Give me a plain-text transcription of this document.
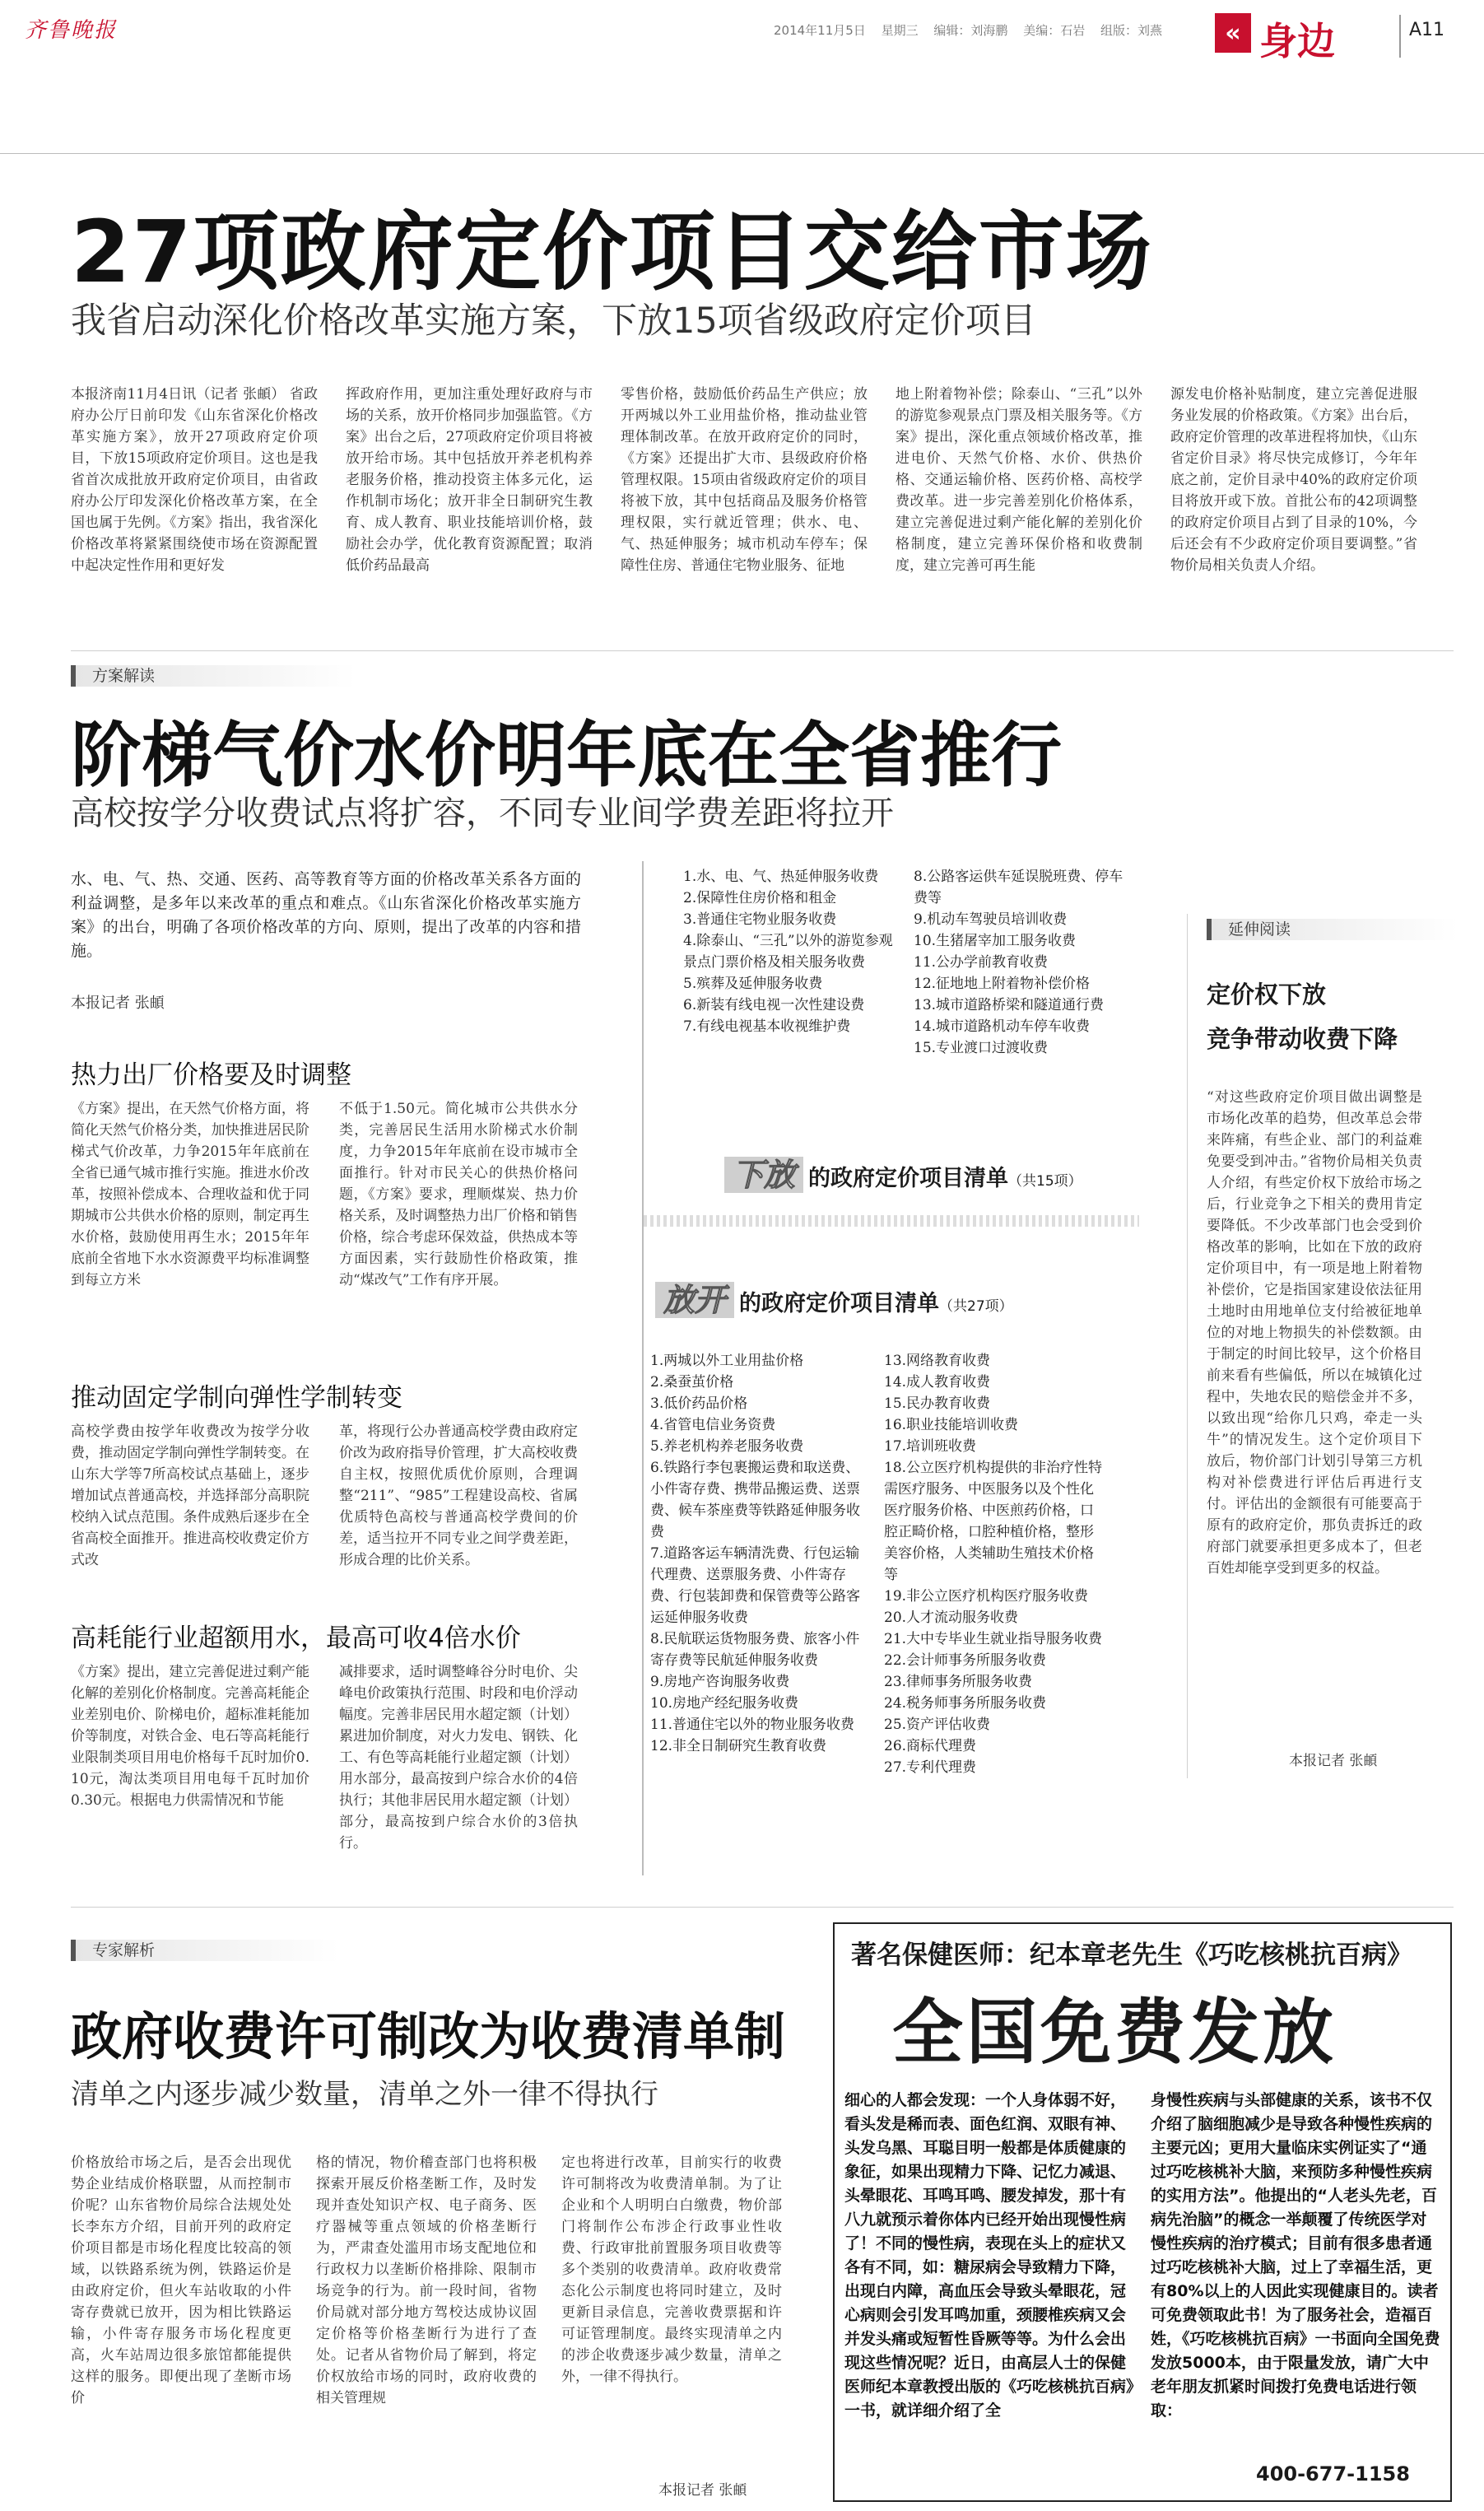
齐鲁晚报	2014年11月5日 星期三 编辑：刘海鹏 美编：石岩 组版：刘燕	« 身边	A11
27项政府定价项目交给市场
我省启动深化价格改革实施方案，下放15项省级政府定价项目
本报济南11月4日讯（记者 张頔） 省政府办公厅日前印发《山东省深化价格改革实施方案》，放开27项政府定价项目，下放15项政府定价项目。这也是我省首次成批放开政府定价项目，由省政府办公厅印发深化价格改革方案，在全国也属于先例。《方案》指出，我省深化价格改革将紧紧围绕使市场在资源配置中起决定性作用和更好发
挥政府作用，更加注重处理好政府与市场的关系，放开价格同步加强监管。《方案》出台之后，27项政府定价项目将被放开给市场。其中包括放开养老机构养老服务价格，推动投资主体多元化，运作机制市场化；放开非全日制研究生教育、成人教育、职业技能培训价格，鼓励社会办学，优化教育资源配置；取消低价药品最高
零售价格，鼓励低价药品生产供应；放开两城以外工业用盐价格，推动盐业管理体制改革。在放开政府定价的同时，《方案》还提出扩大市、县级政府价格管理权限。15项由省级政府定价的项目将被下放，其中包括商品及服务价格管理权限，实行就近管理；供水、电、气、热延伸服务；城市机动车停车；保障性住房、普通住宅物业服务、征地
地上附着物补偿；除泰山、“三孔”以外的游览参观景点门票及相关服务等。《方案》提出，深化重点领域价格改革，推进电价、天然气价格、水价、供热价格、交通运输价格、医药价格、高校学费改革。进一步完善差别化价格体系，建立完善促进过剩产能化解的差别化价格制度，建立完善环保价格和收费制度，建立完善可再生能
源发电价格补贴制度，建立完善促进服务业发展的价格政策。《方案》出台后，政府定价管理的改革进程将加快，《山东省定价目录》将尽快完成修订，今年年底之前，定价目录中40%的政府定价项目将放开或下放。首批公布的42项调整的政府定价项目占到了目录的10%，今后还会有不少政府定价项目要调整。”省物价局相关负责人介绍。
方案解读
阶梯气价水价明年底在全省推行
高校按学分收费试点将扩容，不同专业间学费差距将拉开
水、电、气、热、交通、医药、高等教育等方面的价格改革关系各方面的利益调整，是多年以来改革的重点和难点。《山东省深化价格改革实施方案》的出台，明确了各项价格改革的方向、原则，提出了改革的内容和措施。
本报记者 张頔
热力出厂价格要及时调整
《方案》提出，在天然气价格方面，将简化天然气价格分类，加快推进居民阶梯式气价改革，力争2015年年底前在全省已通气城市推行实施。推进水价改革，按照补偿成本、合理收益和优于同期城市公共供水价格的原则，制定再生水价格，鼓励使用再生水；2015年年底前全省地下水水资源费平均标准调整到每立方米
不低于1.50元。简化城市公共供水分类，完善居民生活用水阶梯式水价制度，力争2015年年底前在设市城市全面推行。针对市民关心的供热价格问题，《方案》要求，理顺煤炭、热力价格关系，及时调整热力出厂价格和销售价格，综合考虑环保效益，供热成本等方面因素，实行鼓励性价格政策，推动“煤改气”工作有序开展。
推动固定学制向弹性学制转变
高校学费由按学年收费改为按学分收费，推动固定学制向弹性学制转变。在山东大学等7所高校试点基础上，逐步增加试点普通高校，并选择部分高职院校纳入试点范围。条件成熟后逐步在全省高校全面推开。推进高校收费定价方式改
革，将现行公办普通高校学费由政府定价改为政府指导价管理，扩大高校收费自主权，按照优质优价原则，合理调整“211”、“985”工程建设高校、省属优质特色高校与普通高校学费间的价差，适当拉开不同专业之间学费差距，形成合理的比价关系。
高耗能行业超额用水，最高可收4倍水价
《方案》提出，建立完善促进过剩产能化解的差别化价格制度。完善高耗能企业差别电价、阶梯电价，超标准耗能加价等制度，对铁合金、电石等高耗能行业限制类项目用电价格每千瓦时加价0.10元，淘汰类项目用电每千瓦时加价0.30元。根据电力供需情况和节能
减排要求，适时调整峰谷分时电价、尖峰电价政策执行范围、时段和电价浮动幅度。完善非居民用水超定额（计划）累进加价制度，对火力发电、钢铁、化工、有色等高耗能行业超定额（计划）用水部分，最高按到户综合水价的4倍执行；其他非居民用水超定额（计划）部分，最高按到户综合水价的3倍执行。
1.水、电、气、热延伸服务收费
2.保障性住房价格和租金
3.普通住宅物业服务收费
4.除泰山、“三孔”以外的游览参观景点门票价格及相关服务收费
5.殡葬及延伸服务收费
6.新装有线电视一次性建设费
7.有线电视基本收视维护费
8.公路客运供车延误脱班费、停车费等
9.机动车驾驶员培训收费
10.生猪屠宰加工服务收费
11.公办学前教育收费
12.征地地上附着物补偿价格
13.城市道路桥梁和隧道通行费
14.城市道路机动车停车收费
15.专业渡口过渡收费
下放 的政府定价项目清单（共15项）
放开 的政府定价项目清单（共27项）
1.两城以外工业用盐价格
2.桑蚕茧价格
3.低价药品价格
4.省管电信业务资费
5.养老机构养老服务收费
6.铁路行李包裹搬运费和取送费、小件寄存费、携带品搬运费、送票费、候车茶座费等铁路延伸服务收费
7.道路客运车辆清洗费、行包运输代理费、送票服务费、小件寄存费、行包装卸费和保管费等公路客运延伸服务收费
8.民航联运货物服务费、旅客小件寄存费等民航延伸服务收费
9.房地产咨询服务收费
10.房地产经纪服务收费
11.普通住宅以外的物业服务收费
12.非全日制研究生教育收费
13.网络教育收费
14.成人教育收费
15.民办教育收费
16.职业技能培训收费
17.培训班收费
18.公立医疗机构提供的非治疗性特需医疗服务、中医服务以及个性化医疗服务价格、中医煎药价格，口腔正畸价格，口腔种植价格，整形美容价格，人类辅助生殖技术价格等
19.非公立医疗机构医疗服务收费
20.人才流动服务收费
21.大中专毕业生就业指导服务收费
22.会计师事务所服务收费
23.律师事务所服务收费
24.税务师事务所服务收费
25.资产评估收费
26.商标代理费
27.专利代理费
延伸阅读
定价权下放
竞争带动收费下降
“对这些政府定价项目做出调整是市场化改革的趋势，但改革总会带来阵痛，有些企业、部门的利益难免要受到冲击。”省物价局相关负责人介绍，有些定价权下放给市场之后，行业竞争之下相关的费用肯定要降低。不少改革部门也会受到价格改革的影响，比如在下放的政府定价项目中，有一项是地上附着物补偿价，它是指国家建设依法征用土地时由用地单位支付给被征地单位的对地上物损失的补偿数额。由于制定的时间比较早，这个价格目前来看有些偏低，所以在城镇化过程中，失地农民的赔偿金并不多，以致出现“给你几只鸡，牵走一头牛”的情况发生。这个定价项目下放后，物价部门计划引导第三方机构对补偿费进行评估后再进行支付。评估出的金额很有可能要高于原有的政府定价，那负责拆迁的政府部门就要承担更多成本了，但老百姓却能享受到更多的权益。
本报记者 张頔
专家解析
政府收费许可制改为收费清单制
清单之内逐步减少数量，清单之外一律不得执行
价格放给市场之后，是否会出现优势企业结成价格联盟，从而控制市价呢？山东省物价局综合法规处处长李东方介绍，目前开列的政府定价项目都是市场化程度比较高的领域，以铁路系统为例，铁路运价是由政府定价，但火车站收取的小件寄存费就已放开，因为相比铁路运输，小件寄存服务市场化程度更高，火车站周边很多旅馆都能提供这样的服务。即便出现了垄断市场价
格的情况，物价稽查部门也将积极探索开展反价格垄断工作，及时发现并查处知识产权、电子商务、医疗器械等重点领域的价格垄断行为，严肃查处滥用市场支配地位和行政权力以垄断价格排除、限制市场竞争的行为。前一段时间，省物价局就对部分地方驾校达成协议固定价格等价格垄断行为进行了查处。记者从省物价局了解到，将定价权放给市场的同时，政府收费的相关管理规
定也将进行改革，目前实行的收费许可制将改为收费清单制。为了让企业和个人明明白白缴费，物价部门将制作公布涉企行政事业性收费、行政审批前置服务项目收费等多个类别的收费清单。政府收费常态化公示制度也将同时建立，及时更新目录信息，完善收费票据和许可证管理制度。最终实现清单之内的涉企收费逐步减少数量，清单之外，一律不得执行。
本报记者 张頔
著名保健医师：纪本章老先生《巧吃核桃抗百病》
全国免费发放
细心的人都会发现：一个人身体弱不好，看头发是稀而表、面色红润、双眼有神、头发乌黑、耳聪目明一般都是体质健康的象征，如果出现精力下降、记忆力减退、头晕眼花、耳鸣耳鸣、腰发掉发，那十有八九就预示着你体内已经开始出现慢性病了！不同的慢性病，表现在头上的症状又各有不同，如：糖尿病会导致精力下降，出现白内障，高血压会导致头晕眼花，冠心病则会引发耳鸣加重，颈腰椎疾病又会并发头痛或短暂性昏厥等等。为什么会出现这些情况呢？近日，由高层人士的保健医师纪本章教授出版的《巧吃核桃抗百病》一书，就详细介绍了全
身慢性疾病与头部健康的关系，该书不仅介绍了脑细胞减少是导致各种慢性疾病的主要元凶；更用大量临床实例证实了“通过巧吃核桃补大脑，来预防多种慢性疾病的实用方法”。他提出的“人老头先老，百病先治脑”的概念一举颠覆了传统医学对慢性疾病的治疗模式；目前有很多患者通过巧吃核桃补大脑，过上了幸福生活，更有80%以上的人因此实现健康目的。读者可免费领取此书！为了服务社会，造福百姓，《巧吃核桃抗百病》一书面向全国免费发放5000本，由于限量发放，请广大中老年朋友抓紧时间拨打免费电话进行领取：
400-677-1158
